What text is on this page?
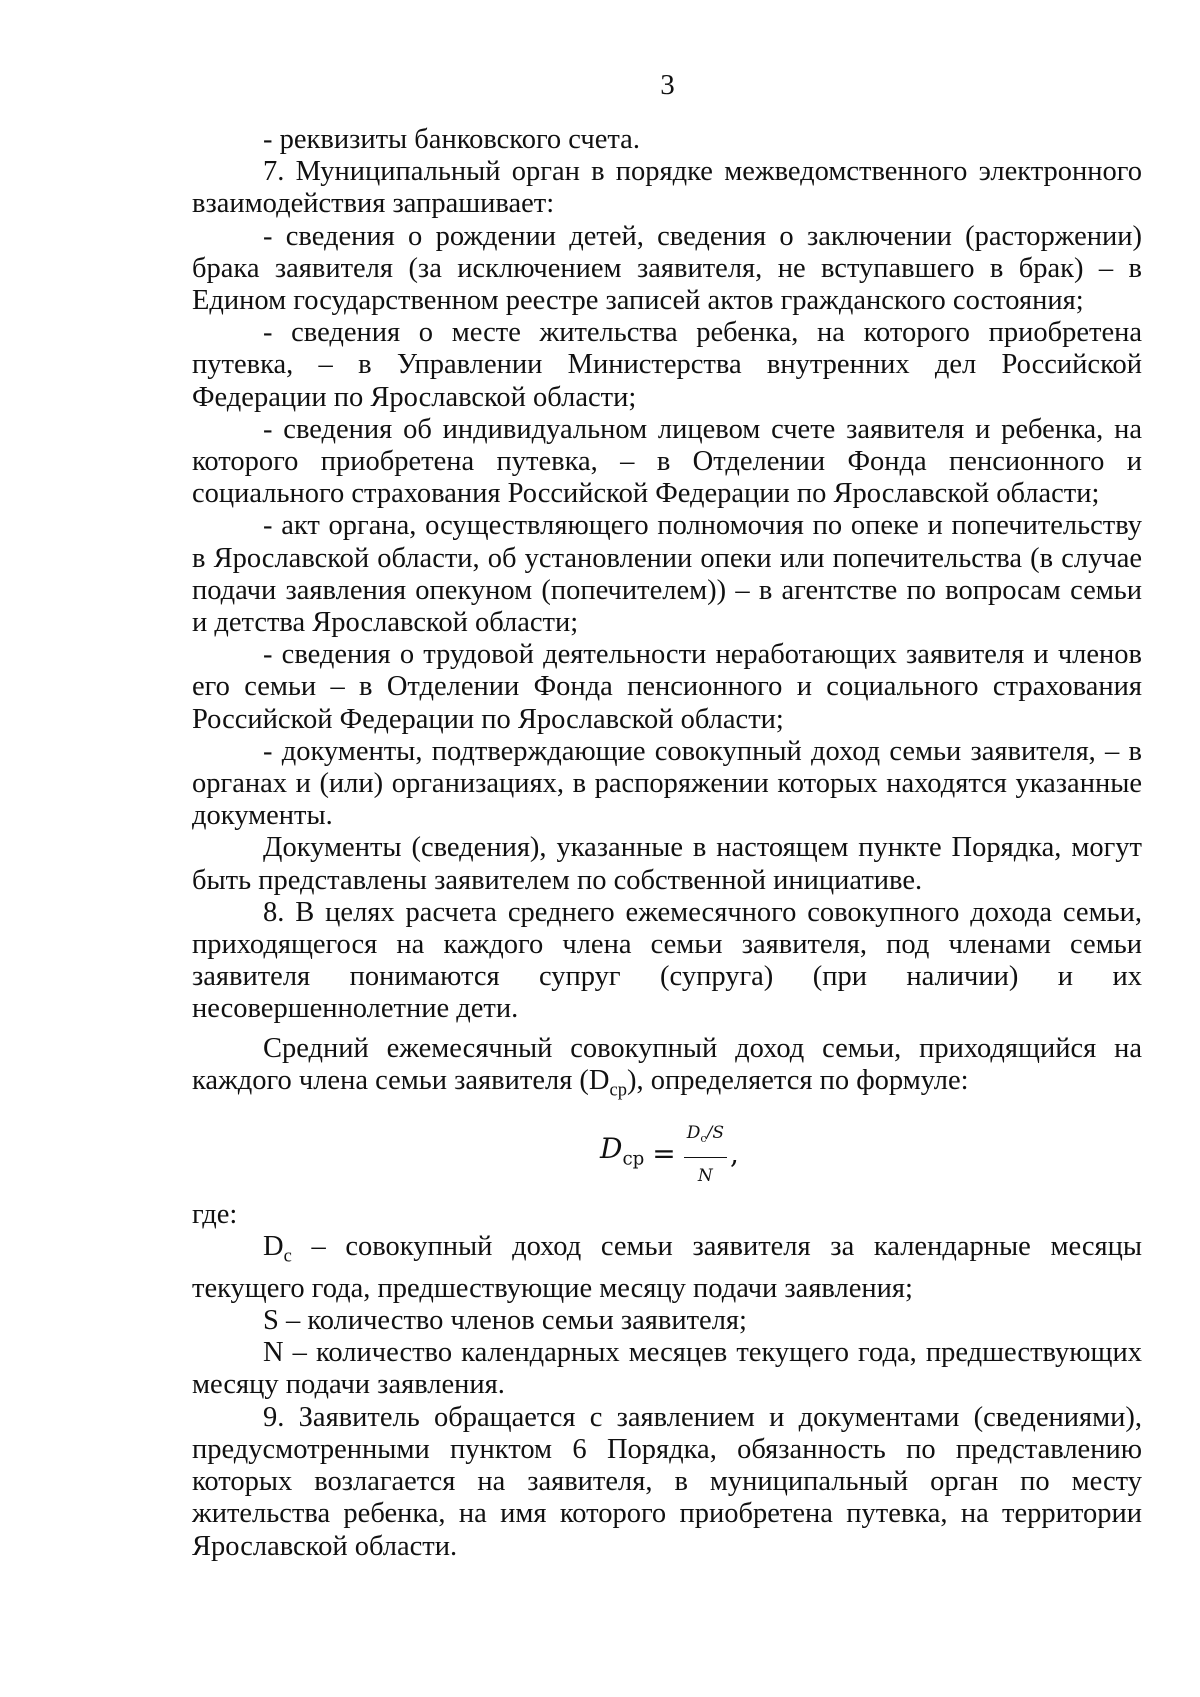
3

- реквизиты банковского счета.

7. Муниципальный орган в порядке межведомственного электронного взаимодействия запрашивает:

- сведения о рождении детей, сведения о заключении (расторжении) брака заявителя (за исключением заявителя, не вступавшего в брак) – в Едином государственном реестре записей актов гражданского состояния;

- сведения о месте жительства ребенка, на которого приобретена путевка, – в Управлении Министерства внутренних дел Российской Федерации по Ярославской области;

- сведения об индивидуальном лицевом счете заявителя и ребенка, на которого приобретена путевка, – в Отделении Фонда пенсионного и социального страхования Российской Федерации по Ярославской области;

- акт органа, осуществляющего полномочия по опеке и попечительству в Ярославской области, об установлении опеки или попечительства (в случае подачи заявления опекуном (попечителем)) – в агентстве по вопросам семьи и детства Ярославской области;

- сведения о трудовой деятельности неработающих заявителя и членов его семьи – в Отделении Фонда пенсионного и социального страхования Российской Федерации по Ярославской области;

- документы, подтверждающие совокупный доход семьи заявителя, – в органах и (или) организациях, в распоряжении которых находятся указанные документы.

Документы (сведения), указанные в настоящем пункте Порядка, могут быть представлены заявителем по собственной инициативе.

8. В целях расчета среднего ежемесячного совокупного дохода семьи, приходящегося на каждого члена семьи заявителя, под членами семьи заявителя понимаются супруг (супруга) (при наличии) и их несовершеннолетние дети.

Средний ежемесячный совокупный доход семьи, приходящийся на каждого члена семьи заявителя $(D_{ср})$, определяется по формуле:

$D_{ср} = \frac{D_с/S}{N}$ ,

где:

$D_с$ – совокупный доход семьи заявителя за календарные месяцы текущего года, предшествующие месяцу подачи заявления;

S – количество членов семьи заявителя;

N – количество календарных месяцев текущего года, предшествующих месяцу подачи заявления.

9. Заявитель обращается с заявлением и документами (сведениями), предусмотренными пунктом 6 Порядка, обязанность по представлению которых возлагается на заявителя, в муниципальный орган по месту жительства ребенка, на имя которого приобретена путевка, на территории Ярославской области.
